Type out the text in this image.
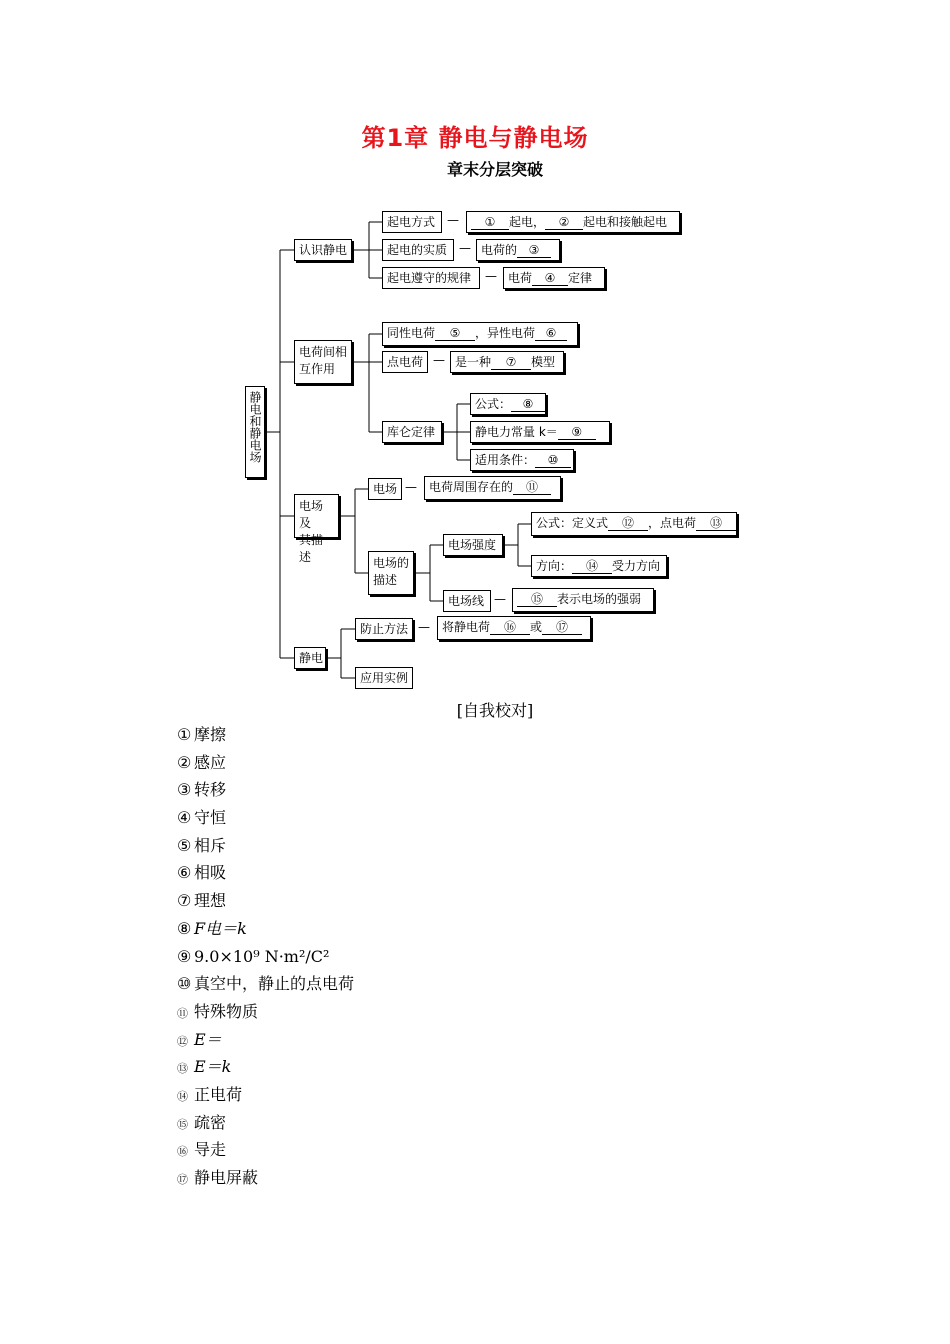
第1章 静电与静电场
章末分层突破
静电和静电场
认识静电
起电方式 —	① 起电， ② 起电和接触起电
起电的实质 — 电荷的 ③
起电遵守的规律	— 电荷 ④ 定律
电荷间相
互作用
同性电荷 ⑤ ，异性电荷 ⑥
点电荷 — 是一种 ⑦ 模型
库仑定律
公式： ⑧
静电力常量 k＝ ⑨
适用条件： ⑩
电场及
其描述
电场 —	电荷周围存在的 ⑪
电场的
描述
电场强度
公式：定义式 ⑫ ，点电荷 ⑬
方向： ⑭ 受力方向
电场线 —	⑮ 表示电场的强弱
静电
防止方法 —	将静电荷 ⑯ 或 ⑰
应用实例
[自我校对]
① 摩擦
② 感应
③ 转移
④ 守恒
⑤ 相斥
⑥ 相吸
⑦ 理想
⑧ F电＝k
⑨ 9.0×10⁹ N·m²/C²
⑩ 真空中，静止的点电荷
⑪ 特殊物质
⑫ E＝
⑬ E＝k
⑭ 正电荷
⑮ 疏密
⑯ 导走
⑰ 静电屏蔽
